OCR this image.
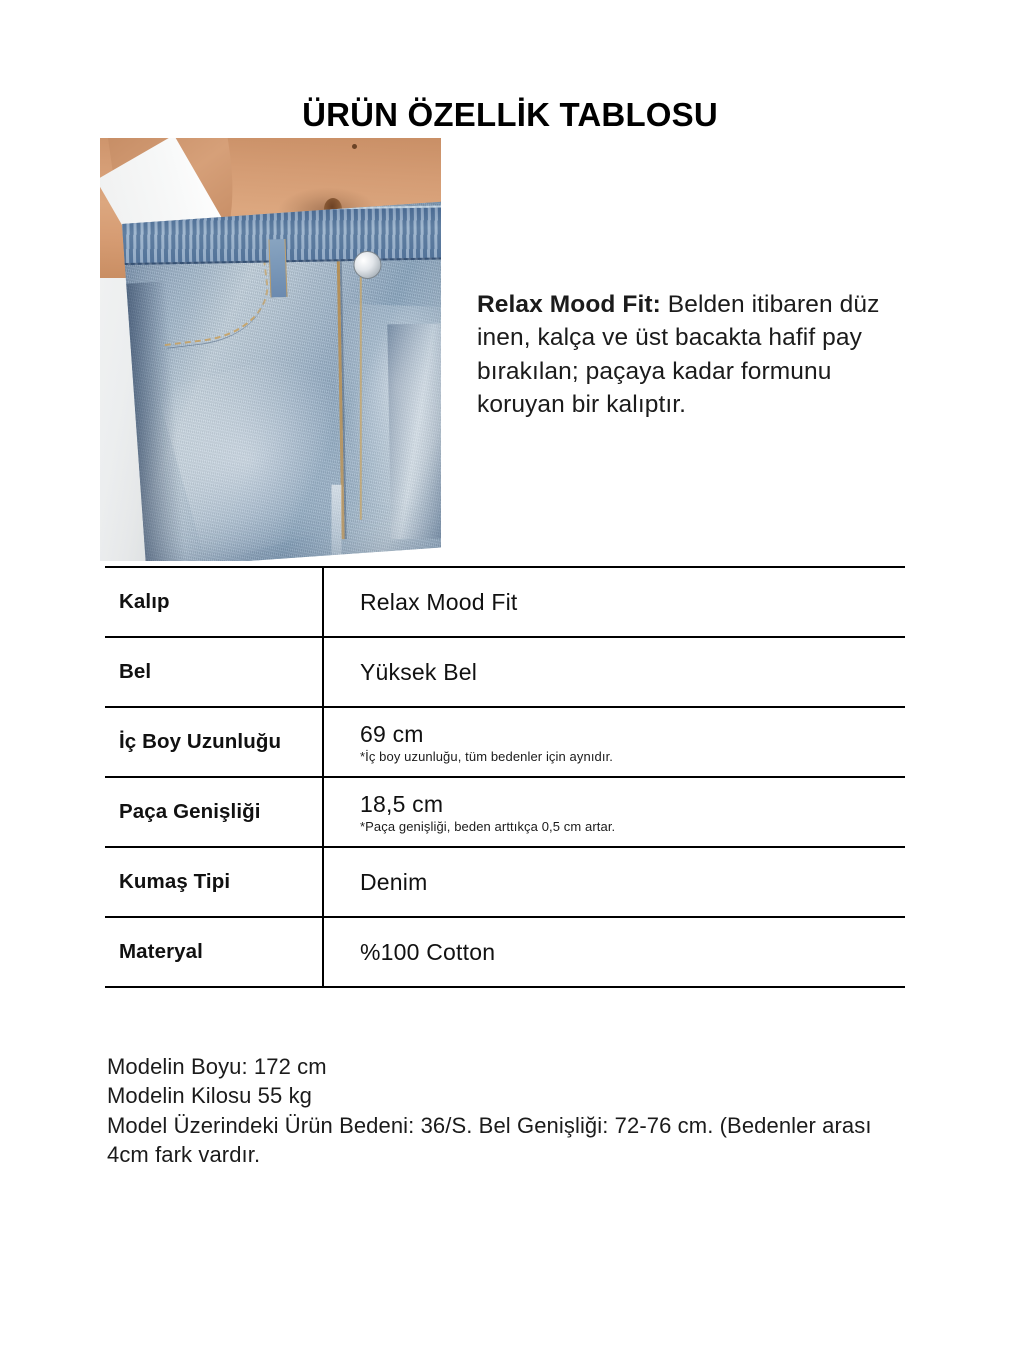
ÜRÜN ÖZELLİK TABLOSU
Relax Mood Fit: Belden itibaren düz inen, kalça ve üst bacakta hafif pay bırakılan; paçaya kadar formunu koruyan bir kalıptır.
Kalıp	Relax Mood Fit
Bel	Yüksek Bel
İç Boy Uzunluğu	69 cm
*İç boy uzunluğu, tüm bedenler için aynıdır.

Paça Genişliği	18,5 cm
*Paça genişliği, beden arttıkça 0,5 cm artar.

Kumaş Tipi	Denim
Materyal	%100 Cotton
Modelin Boyu: 172 cm
Modelin Kilosu 55 kg
Model Üzerindeki Ürün Bedeni: 36/S. Bel Genişliği: 72-76 cm. (Bedenler arası 4cm fark vardır.
